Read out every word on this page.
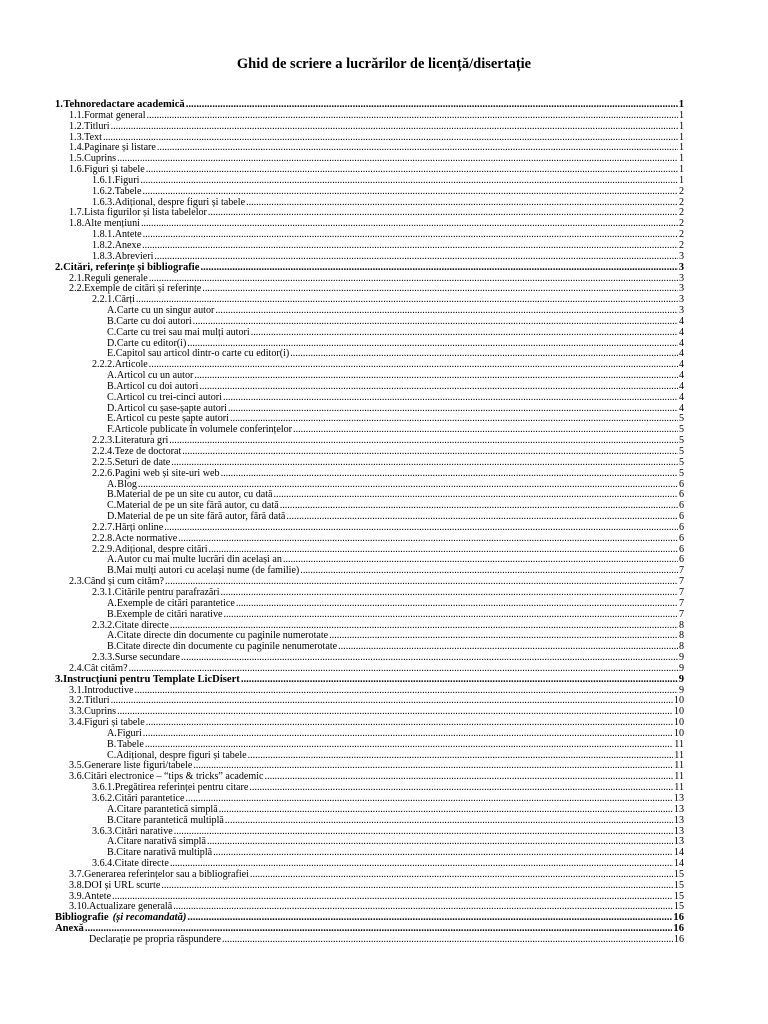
Ghid de scriere a lucrărilor de licență/disertație
1. Tehnoredactare academică .....	1
1.1. Format general .....	1
1.2. Titluri .....	1
1.3. Text .....	1
1.4. Paginare și listare .....	1
1.5. Cuprins .....	1
1.6. Figuri și tabele .....	1
1.6.1. Figuri .....	1
1.6.2. Tabele .....	2
1.6.3. Adițional, despre figuri și tabele .....	2
1.7. Lista figurilor și lista tabelelor .....	2
1.8. Alte mențiuni .....	2
1.8.1. Antete .....	2
1.8.2. Anexe .....	2
1.8.3. Abrevieri .....	3
2. Citări, referințe și bibliografie .....	3
2.1. Reguli generale .....	3
2.2. Exemple de citări și referințe .....	3
2.2.1. Cărți .....	3
A. Carte cu un singur autor .....	3
B. Carte cu doi autori .....	4
C. Carte cu trei sau mai mulți autori .....	4
D. Carte cu editor(i) .....	4
E. Capitol sau articol dintr-o carte cu editor(i) .....	4
2.2.2. Articole .....	4
A. Articol cu un autor .....	4
B. Articol cu doi autori .....	4
C. Articol cu trei-cinci autori .....	4
D. Articol cu șase-șapte autori .....	4
E. Articol cu peste șapte autori .....	5
F. Articole publicate în volumele conferințelor .....	5
2.2.3. Literatura gri .....	5
2.2.4. Teze de doctorat .....	5
2.2.5. Seturi de date .....	5
2.2.6. Pagini web și site-uri web .....	5
A. Blog .....	6
B. Material de pe un site cu autor, cu dată .....	6
C. Material de pe un site fără autor, cu dată .....	6
D. Material de pe un site fără autor, fără dată .....	6
2.2.7. Hărți online .....	6
2.2.8. Acte normative .....	6
2.2.9. Adițional, despre citări .....	6
A. Autor cu mai multe lucrări din același an .....	6
B. Mai mulți autori cu același nume (de familie) .....	7
2.3. Când și cum cităm? .....	7
2.3.1. Citările pentru parafrazări .....	7
A. Exemple de citări parantetice .....	7
B. Exemple de citări narative .....	7
2.3.2. Citate directe .....	8
A. Citate directe din documente cu paginile numerotate .....	8
B. Citate directe din documente cu paginile nenumerotate .....	8
2.3.3. Surse secundare .....	9
2.4. Cât cităm? .....	9
3. Instrucțiuni pentru Template LicDisert .....	9
3.1. Introductive .....	9
3.2. Titluri .....	10
3.3. Cuprins .....	10
3.4. Figuri și tabele .....	10
A. Figuri .....	10
B. Tabele .....	11
C. Adițional, despre figuri și tabele .....	11
3.5. Generare liste figuri/tabele .....	11
3.6. Citări electronice – “tips & tricks” academic .....	11
3.6.1. Pregătirea referinței pentru citare .....	11
3.6.2. Citări parantetice .....	13
A. Citare parantetică simplă .....	13
B. Citare parantetică multiplă .....	13
3.6.3. Citări narative .....	13
A. Citare narativă simplă .....	13
B. Citare narativă multiplă .....	14
3.6.4. Citate directe .....	14
3.7. Generarea referințelor sau a bibliografiei .....	15
3.8. DOI și URL scurte .....	15
3.9. Antete .....	15
3.10. Actualizare generală .....	15
Bibliografie (și recomandată) .....	16
Anexă .....	16
Declarație pe propria răspundere .....	16
